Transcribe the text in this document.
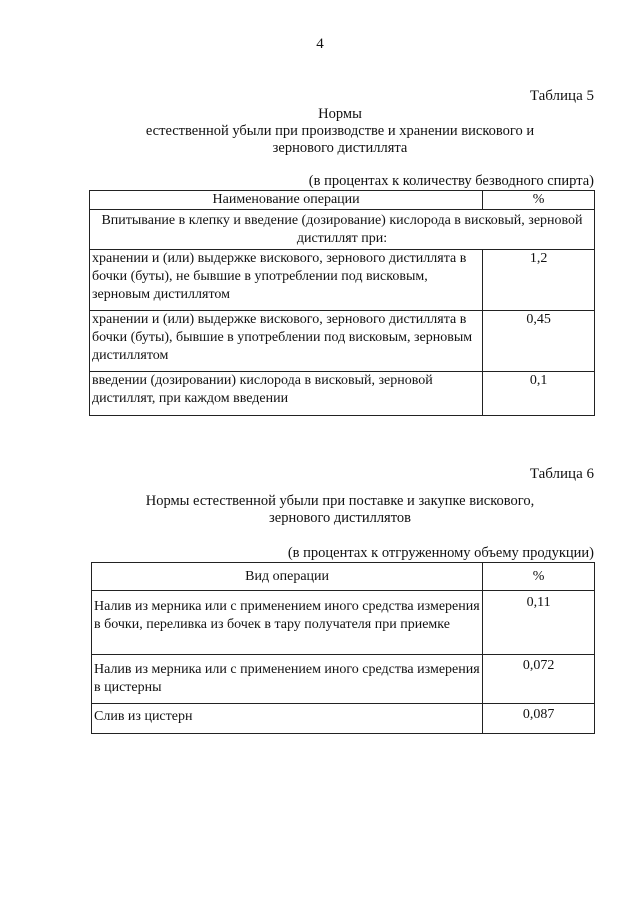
4
Таблица 5
Нормы
естественной убыли при производстве и хранении вискового и
зернового дистиллята
(в процентах к количеству безводного спирта)
Наименование операции	%
Впитывание в клепку и введение (дозирование) кислорода в висковый, зерновой дистиллят при:	
хранении и (или) выдержке вискового, зернового дистиллята в бочки (буты), не бывшие в употреблении под висковым, зерновым дистиллятом	1,2
хранении и (или) выдержке вискового, зернового дистиллята в бочки (буты), бывшие в употреблении под висковым, зерновым дистиллятом	0,45
введении (дозировании) кислорода в висковый, зерновой дистиллят, при каждом введении	0,1
Таблица 6
Нормы естественной убыли при поставке и закупке вискового,
зернового дистиллятов
(в процентах к отгруженному объему продукции)
Вид операции	%
Налив из мерника или с применением иного средства измерения в бочки, переливка из бочек в тару получателя при приемке	0,11
Налив из мерника или с применением иного средства измерения в цистерны	0,072
Слив из цистерн	0,087
